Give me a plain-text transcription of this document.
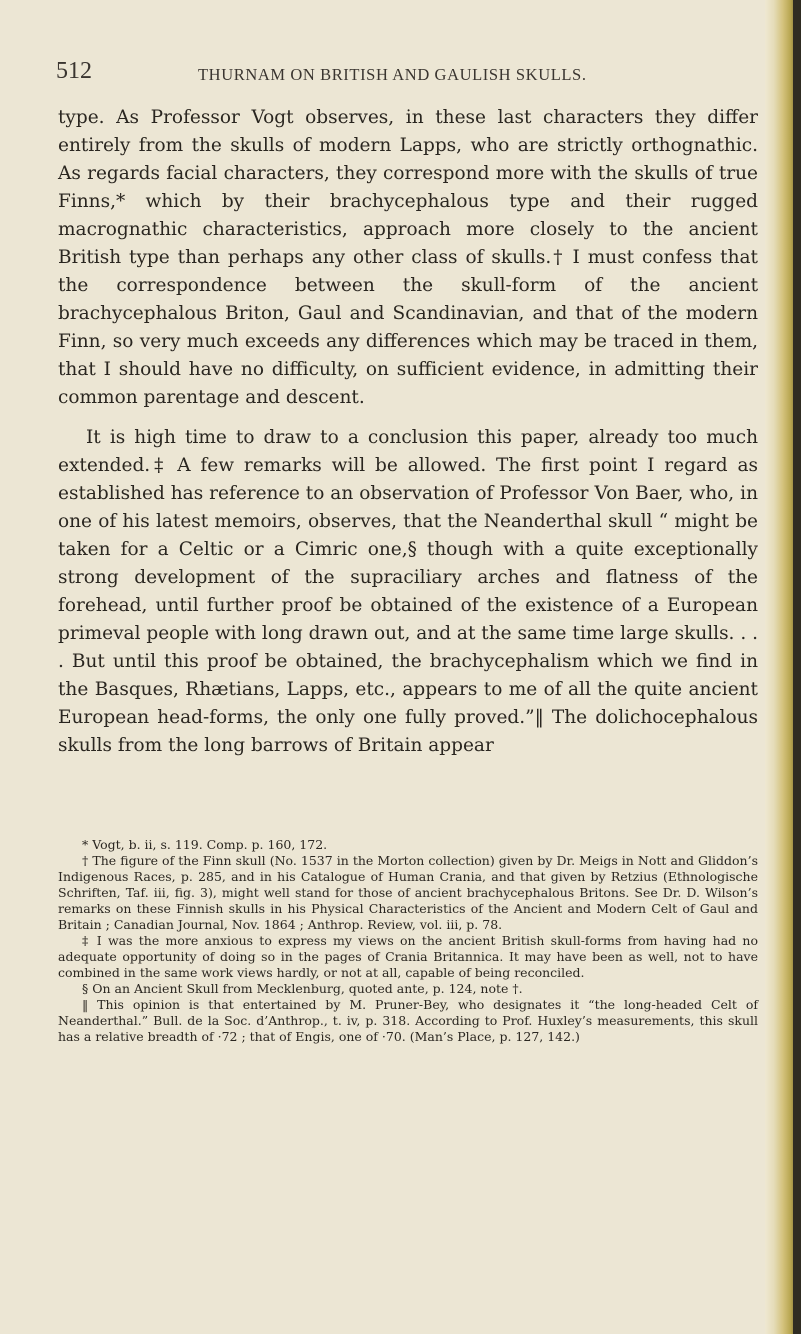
512	THURNAM ON BRITISH AND GAULISH SKULLS.

type. As Professor Vogt observes, in these last characters they differ entirely from the skulls of modern Lapps, who are strictly orthognathic. As regards facial characters, they correspond more with the skulls of true Finns,* which by their brachycephalous type and their rugged macrognathic characteristics, approach more closely to the ancient British type than perhaps any other class of skulls.† I must confess that the correspondence between the skull-form of the ancient brachycephalous Briton, Gaul and Scandinavian, and that of the modern Finn, so very much exceeds any differences which may be traced in them, that I should have no difficulty, on sufficient evidence, in admitting their common parentage and descent.

It is high time to draw to a conclusion this paper, already too much extended.‡ A few remarks will be allowed. The first point I regard as established has reference to an observation of Professor Von Baer, who, in one of his latest memoirs, observes, that the Neanderthal skull “ might be taken for a Celtic or a Cimric one,§ though with a quite exceptionally strong development of the supraciliary arches and flatness of the forehead, until further proof be obtained of the existence of a European primeval people with long drawn out, and at the same time large skulls. . . . But until this proof be obtained, the brachycephalism which we find in the Basques, Rhætians, Lapps, etc., appears to me of all the quite ancient European head-forms, the only one fully proved.”‖ The dolichocephalous skulls from the long barrows of Britain appear

* Vogt, b. ii, s. 119. Comp. p. 160, 172.

† The figure of the Finn skull (No. 1537 in the Morton collection) given by Dr. Meigs in Nott and Gliddon’s Indigenous Races, p. 285, and in his Catalogue of Human Crania, and that given by Retzius (Ethnologische Schriften, Taf. iii, fig. 3), might well stand for those of ancient brachycephalous Britons. See Dr. D. Wilson’s remarks on these Finnish skulls in his Physical Characteristics of the Ancient and Modern Celt of Gaul and Britain ; Canadian Journal, Nov. 1864 ; Anthrop. Review, vol. iii, p. 78.

‡ I was the more anxious to express my views on the ancient British skull-forms from having had no adequate opportunity of doing so in the pages of Crania Britannica. It may have been as well, not to have combined in the same work views hardly, or not at all, capable of being reconciled.

§ On an Ancient Skull from Mecklenburg, quoted ante, p. 124, note †.

‖ This opinion is that entertained by M. Pruner-Bey, who designates it “the long-headed Celt of Neanderthal.” Bull. de la Soc. d’Anthrop., t. iv, p. 318. According to Prof. Huxley’s measurements, this skull has a relative breadth of ·72 ; that of Engis, one of ·70. (Man’s Place, p. 127, 142.)
